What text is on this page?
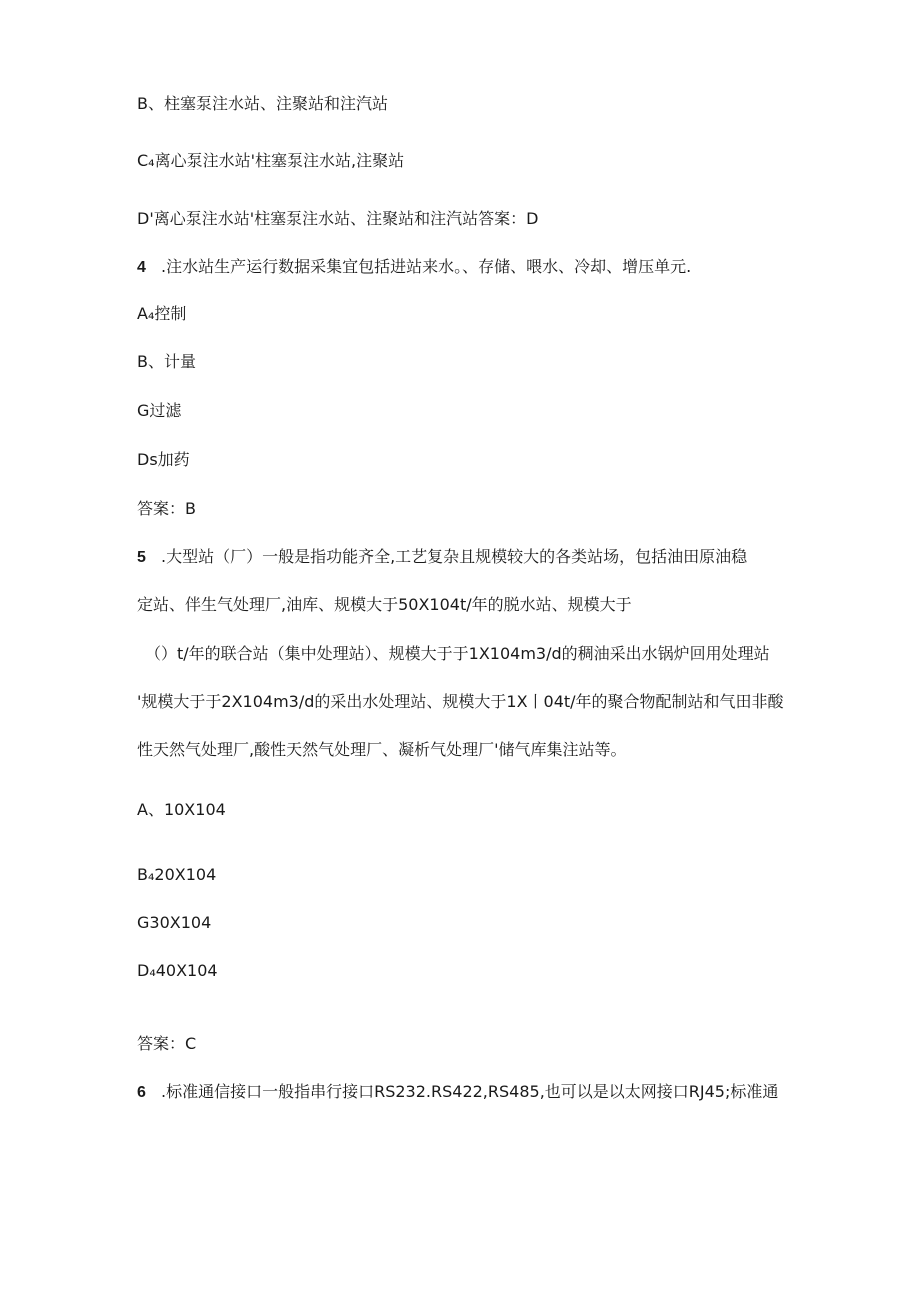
B、柱塞泵注水站、注聚站和注汽站
C₄离心泵注水站'柱塞泵注水站,注聚站
D'离心泵注水站'柱塞泵注水站、注聚站和注汽站答案：D
4 .注水站生产运行数据采集宜包括进站来水。、存储、喂水、冷却、增压单元.
A₄控制
B、计量
G过滤
Ds加药
答案：B
5 .大型站（厂）一般是指功能齐全,工艺复杂且规模较大的各类站场，包括油田原油稳
定站、伴生气处理厂,油库、规模大于50X104t/年的脱水站、规模大于
（）t/年的联合站（集中处理站）、规模大于于1X104m3/d的稠油采出水锅炉回用处理站
'规模大于于2X104m3/d的采出水处理站、规模大于1X丨04t/年的聚合物配制站和气田非酸
性天然气处理厂,酸性天然气处理厂、凝析气处理厂'储气库集注站等。
A、10X104
B₄20X104
G30X104
D₄40X104
答案：C
6 .标准通信接口一般指串行接口RS232.RS422,RS485,也可以是以太网接口RJ45;标准通
